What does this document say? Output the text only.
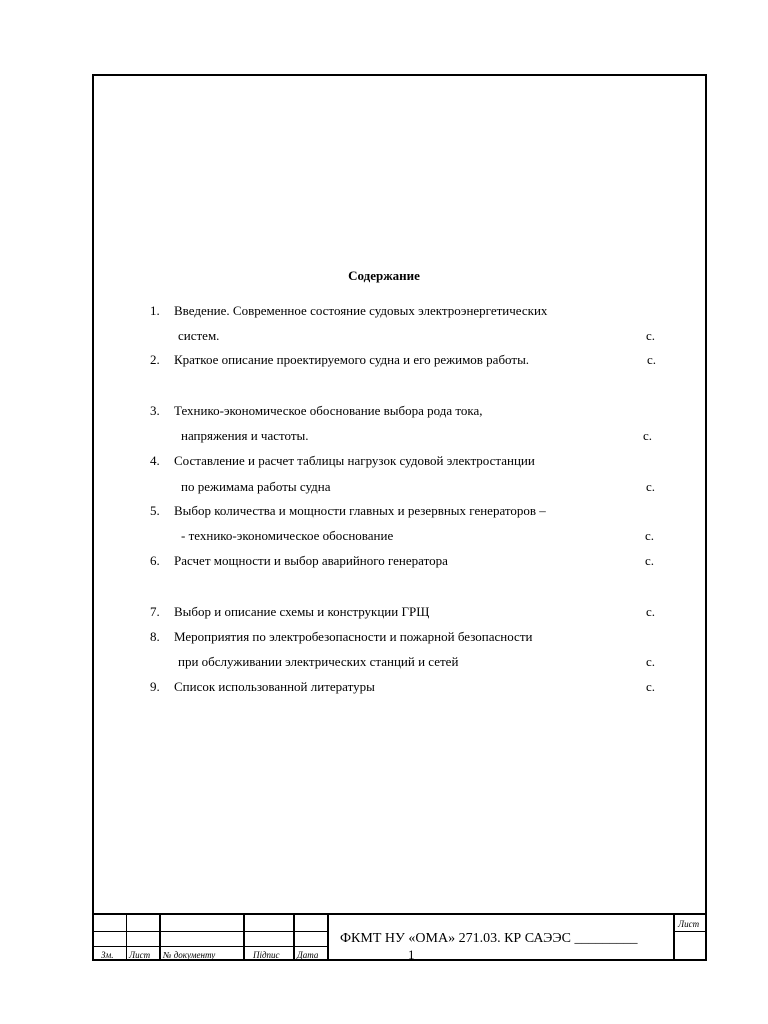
Содержание
1. Введение. Современное состояние судовых электроэнергетических
систем.	с.
2. Краткое описание проектируемого судна и его режимов работы.	с.
3. Технико-экономическое обоснование выбора рода тока,
напряжения и частоты.	с.
4. Составление и расчет таблицы нагрузок судовой электростанции
по режимама работы судна	с.
5. Выбор количества и мощности главных и резервных генераторов –
- технико-экономическое обоснование	с.
6. Расчет мощности и выбор аварийного генератора	с.
7. Выбор и описание схемы и конструкции ГРЩ	с.
8. Мероприятия по электробезопасности и пожарной безопасности
при обслуживании электрических станций и сетей	с.
9. Список использованной литературы	с.
Зм. Лист № документу	Підпис Дата
Лист
ФКМТ НУ «ОМА» 271.03. КР САЭЭС _________
1
